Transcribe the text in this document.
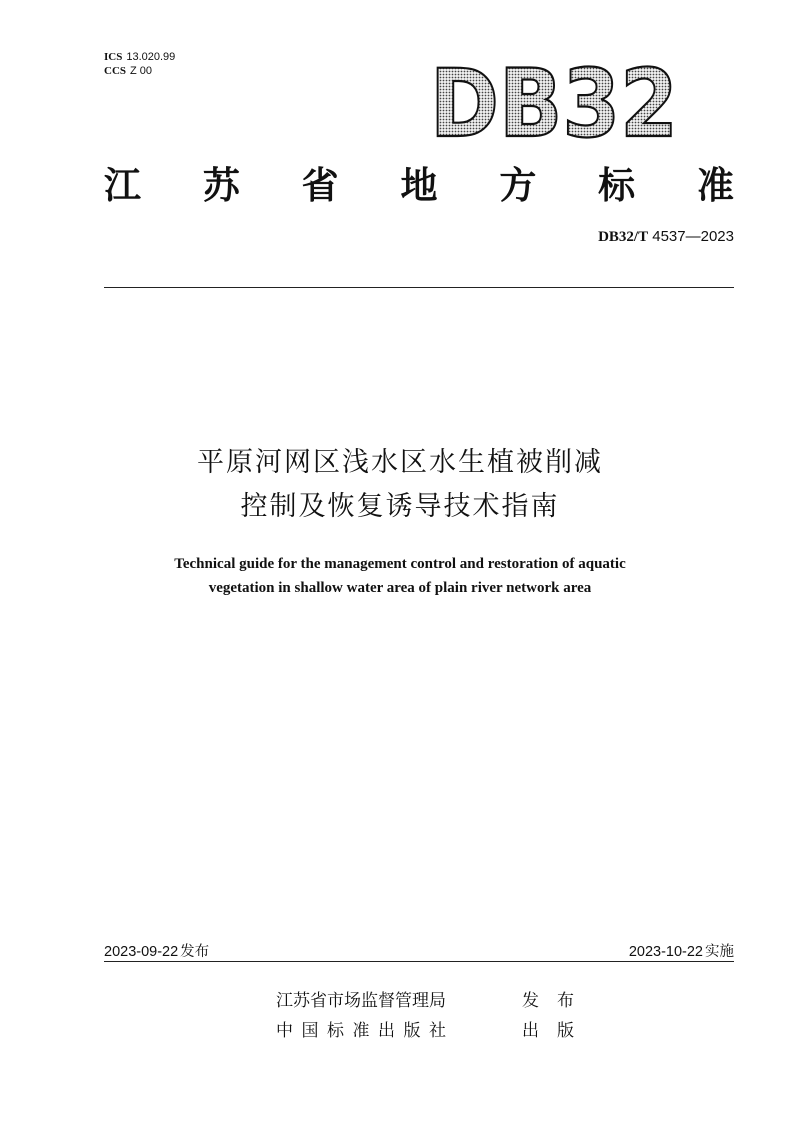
ICS 13.020.99
CCS Z 00	DB32
江 苏 省 地 方 标 准
DB32/T 4537—2023
平原河网区浅水区水生植被削减
控制及恢复诱导技术指南
Technical guide for the management control and restoration of aquatic
vegetation in shallow water area of plain river network area
2023-09-22 发布	2023-10-22 实施
江苏省市场监督管理局	发 布
中国标准出版社	出 版
